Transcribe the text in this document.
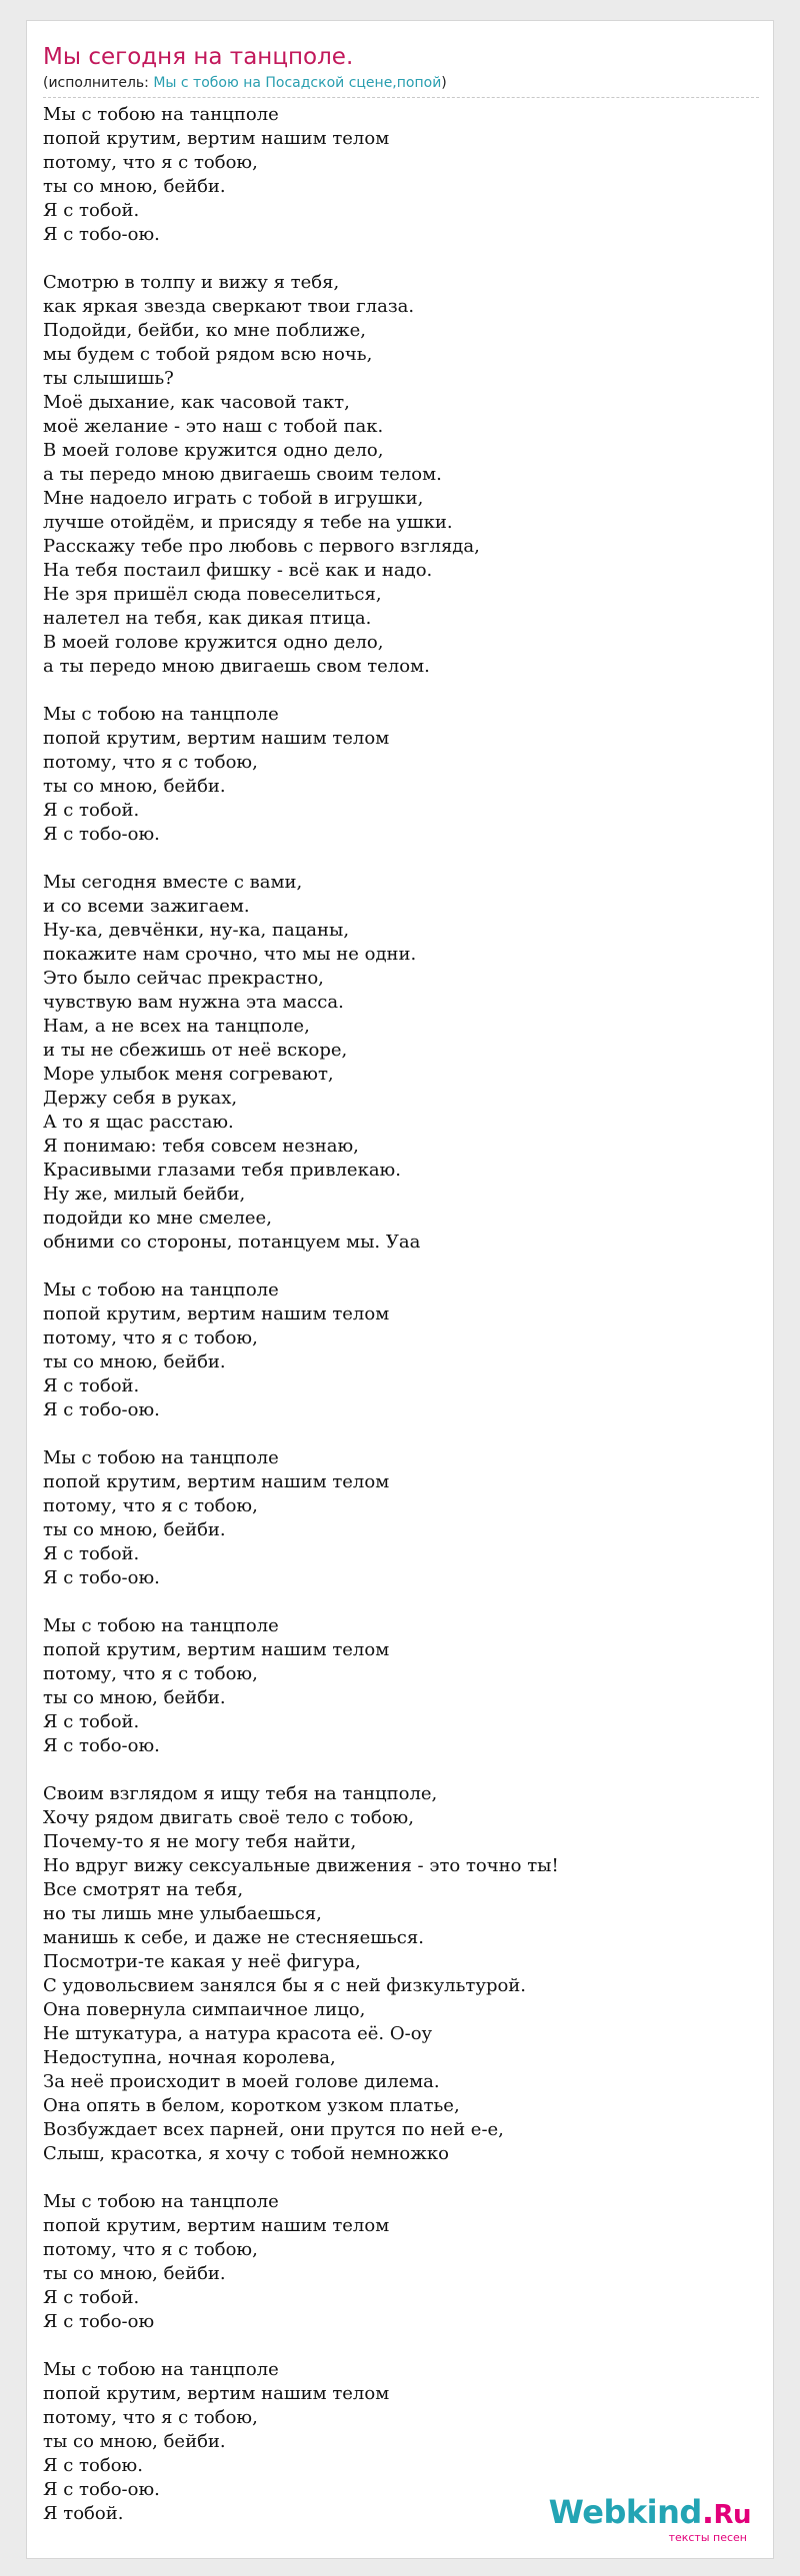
Мы сегодня на танцполе.
(исполнитель: Мы с тобою на Посадской сцене,попой)
Мы с тобою на танцполе
попой крутим, вертим нашим телом
потому, что я с тобою,
ты со мною, бейби.
Я с тобой.
Я с тобо-ою.
Смотрю в толпу и вижу я тебя,
как яркая звезда сверкают твои глаза.
Подойди, бейби, ко мне поближе,
мы будем с тобой рядом всю ночь,
ты слышишь?
Моё дыхание, как часовой такт,
моё желание - это наш с тобой пак.
В моей голове кружится одно дело,
а ты передо мною двигаешь своим телом.
Мне надоело играть с тобой в игрушки,
лучше отойдём, и присяду я тебе на ушки.
Расскажу тебе про любовь с первого взгляда,
На тебя постаил фишку - всё как и надо.
Не зря пришёл сюда повеселиться,
налетел на тебя, как дикая птица.
В моей голове кружится одно дело,
а ты передо мною двигаешь свом телом.
Мы с тобою на танцполе
попой крутим, вертим нашим телом
потому, что я с тобою,
ты со мною, бейби.
Я с тобой.
Я с тобо-ою.
Мы сегодня вместе с вами,
и со всеми зажигаем.
Ну-ка, девчёнки, ну-ка, пацаны,
покажите нам срочно, что мы не одни.
Это было сейчас прекрастно,
чувствую вам нужна эта масса.
Нам, а не всех на танцполе,
и ты не сбежишь от неё вскоре,
Море улыбок меня согревают,
Держу себя в руках,
А то я щас расстаю.
Я понимаю: тебя совсем незнаю,
Красивыми глазами тебя привлекаю.
Ну же, милый бейби,
подойди ко мне смелее,
обними со стороны, потанцуем мы. Уаа
Мы с тобою на танцполе
попой крутим, вертим нашим телом
потому, что я с тобою,
ты со мною, бейби.
Я с тобой.
Я с тобо-ою.
Мы с тобою на танцполе
попой крутим, вертим нашим телом
потому, что я с тобою,
ты со мною, бейби.
Я с тобой.
Я с тобо-ою.
Мы с тобою на танцполе
попой крутим, вертим нашим телом
потому, что я с тобою,
ты со мною, бейби.
Я с тобой.
Я с тобо-ою.
Своим взглядом я ищу тебя на танцполе,
Хочу рядом двигать своё тело с тобою,
Почему-то я не могу тебя найти,
Но вдруг вижу сексуальные движения - это точно ты!
Все смотрят на тебя,
но ты лишь мне улыбаешься,
манишь к себе, и даже не стесняешься.
Посмотри-те какая у неё фигура,
С удовольсвием занялся бы я с ней физкультурой.
Она повернула симпаичное лицо,
Не штукатура, а натура красота её. О-оу
Недоступна, ночная королева,
За неё происходит в моей голове дилема.
Она опять в белом, коротком узком платье,
Возбуждает всех парней, они прутся по ней е-е,
Слыш, красотка, я хочу с тобой немножко
Мы с тобою на танцполе
попой крутим, вертим нашим телом
потому, что я с тобою,
ты со мною, бейби.
Я с тобой.
Я с тобо-ою
Мы с тобою на танцполе
попой крутим, вертим нашим телом
потому, что я с тобою,
ты со мною, бейби.
Я с тобою.
Я с тобо-ою.
Я тобой.	Webkind.Ru
тексты песен
